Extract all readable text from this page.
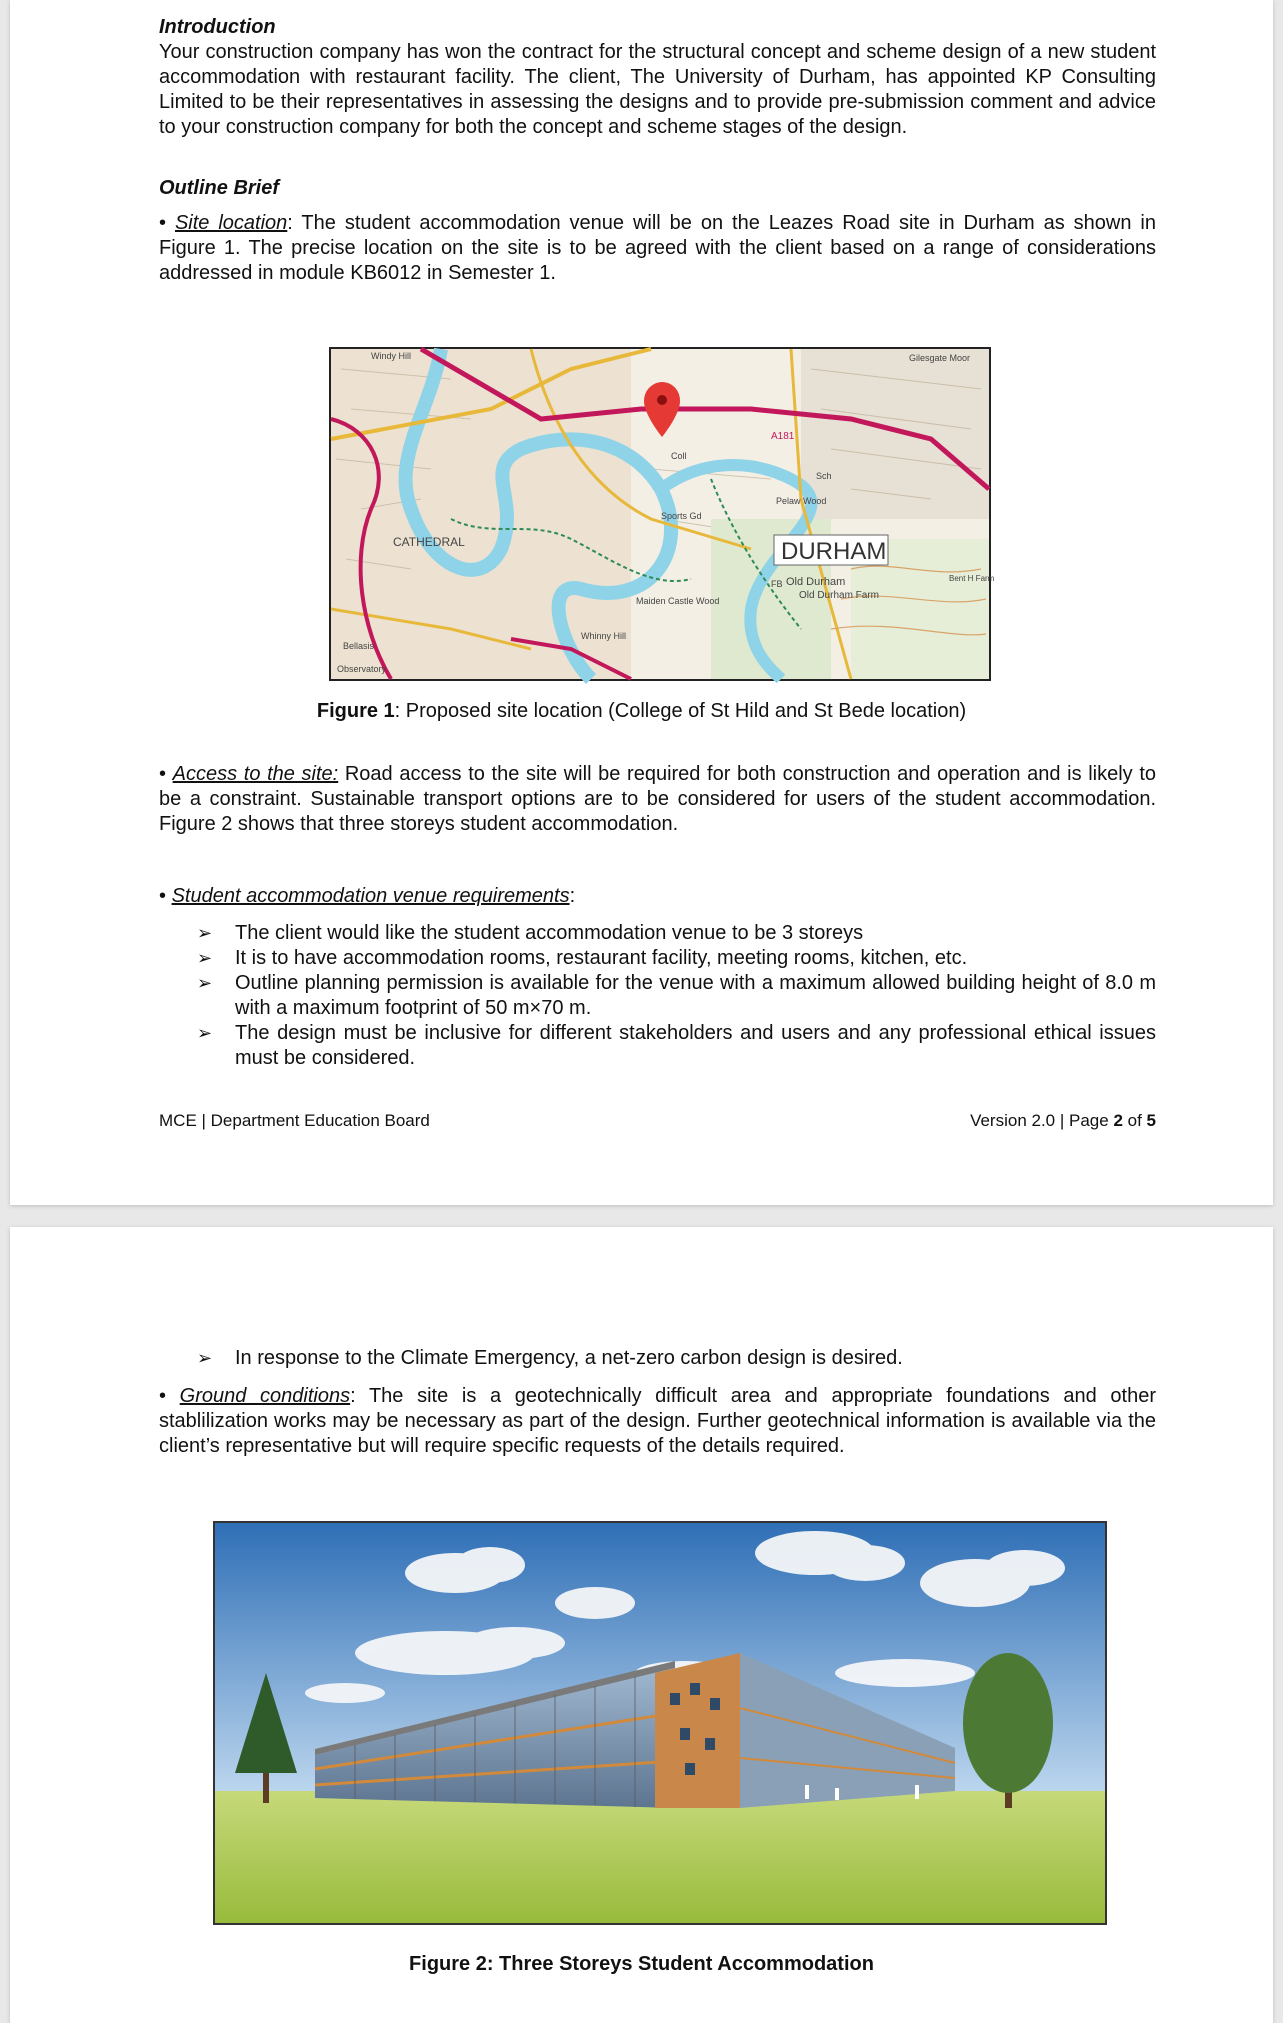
Introduction

Your construction company has won the contract for the structural concept and scheme design of a new student accommodation with restaurant facility. The client, The University of Durham, has appointed KP Consulting Limited to be their representatives in assessing the designs and to provide pre-submission comment and advice to your construction company for both the concept and scheme stages of the design.

Outline Brief

• Site location: The student accommodation venue will be on the Leazes Road site in Durham as shown in Figure 1. The precise location on the site is to be agreed with the client based on a range of considerations addressed in module KB6012 in Semester 1.

DURHAM
CATHEDRAL
Old Durham
Old Durham Farm
A181
Sports Gd
Pelaw Wood
Maiden Castle Wood
Whinny Hill
Observatory
Bellasis
Windy Hill	Gilesgate Moor
Bent H Farm
Sch
Coll
FB
Figure 1: Proposed site location (College of St Hild and St Bede location)

• Access to the site: Road access to the site will be required for both construction and operation and is likely to be a constraint. Sustainable transport options are to be considered for users of the student accommodation. Figure 2 shows that three storeys student accommodation.

• Student accommodation venue requirements:

➢ The client would like the student accommodation venue to be 3 storeys
➢ It is to have accommodation rooms, restaurant facility, meeting rooms, kitchen, etc.
➢ Outline planning permission is available for the venue with a maximum allowed building height of 8.0 m with a maximum footprint of 50 m×70 m.
➢ The design must be inclusive for different stakeholders and users and any professional ethical issues must be considered.
MCE | Department Education Board	Version 2.0 | Page 2 of 5
➢ In response to the Climate Emergency, a net-zero carbon design is desired.

• Ground conditions: The site is a geotechnically difficult area and appropriate foundations and other stablilization works may be necessary as part of the design. Further geotechnical information is available via the client’s representative but will require specific requests of the details required.

Figure 2: Three Storeys Student Accommodation
